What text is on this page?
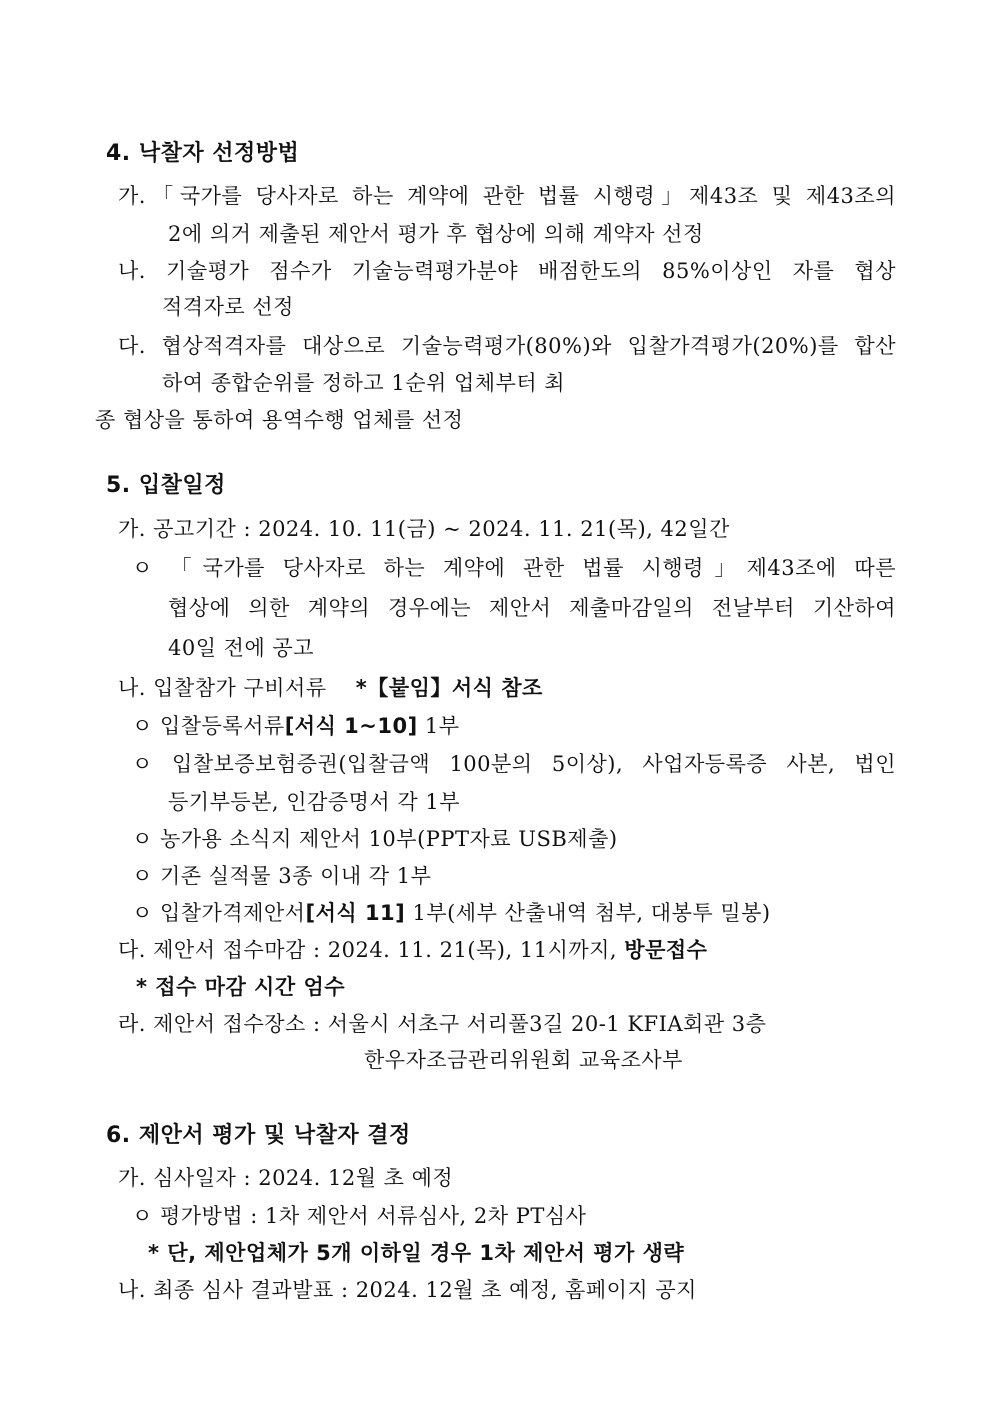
4. 낙찰자 선정방법
가.「국가를 당사자로 하는 계약에 관한 법률 시행령」제43조 및 제43조의
2에 의거 제출된 제안서 평가 후 협상에 의해 계약자 선정
나. 기술평가 점수가 기술능력평가분야 배점한도의 85%이상인 자를 협상
적격자로 선정
다. 협상적격자를 대상으로 기술능력평가(80%)와 입찰가격평가(20%)를 합산
하여 종합순위를 정하고 1순위 업체부터 최
종 협상을 통하여 용역수행 업체를 선정
5. 입찰일정
가. 공고기간 : 2024. 10. 11(금) ~ 2024. 11. 21(목), 42일간
ㅇ 「국가를 당사자로 하는 계약에 관한 법률 시행령」제43조에 따른
협상에 의한 계약의 경우에는 제안서 제출마감일의 전날부터 기산하여
40일 전에 공고
나. 입찰참가 구비서류 *【붙임】서식 참조
ㅇ 입찰등록서류[서식 1~10] 1부
ㅇ 입찰보증보험증권(입찰금액 100분의 5이상), 사업자등록증 사본, 법인
등기부등본, 인감증명서 각 1부
ㅇ 농가용 소식지 제안서 10부(PPT자료 USB제출)
ㅇ 기존 실적물 3종 이내 각 1부
ㅇ 입찰가격제안서[서식 11] 1부(세부 산출내역 첨부, 대봉투 밀봉)
다. 제안서 접수마감 : 2024. 11. 21(목), 11시까지, 방문접수
* 접수 마감 시간 엄수
라. 제안서 접수장소 : 서울시 서초구 서리풀3길 20-1 KFIA회관 3층
한우자조금관리위원회 교육조사부
6. 제안서 평가 및 낙찰자 결정
가. 심사일자 : 2024. 12월 초 예정
ㅇ 평가방법 : 1차 제안서 서류심사, 2차 PT심사
* 단, 제안업체가 5개 이하일 경우 1차 제안서 평가 생략
나. 최종 심사 결과발표 : 2024. 12월 초 예정, 홈페이지 공지
